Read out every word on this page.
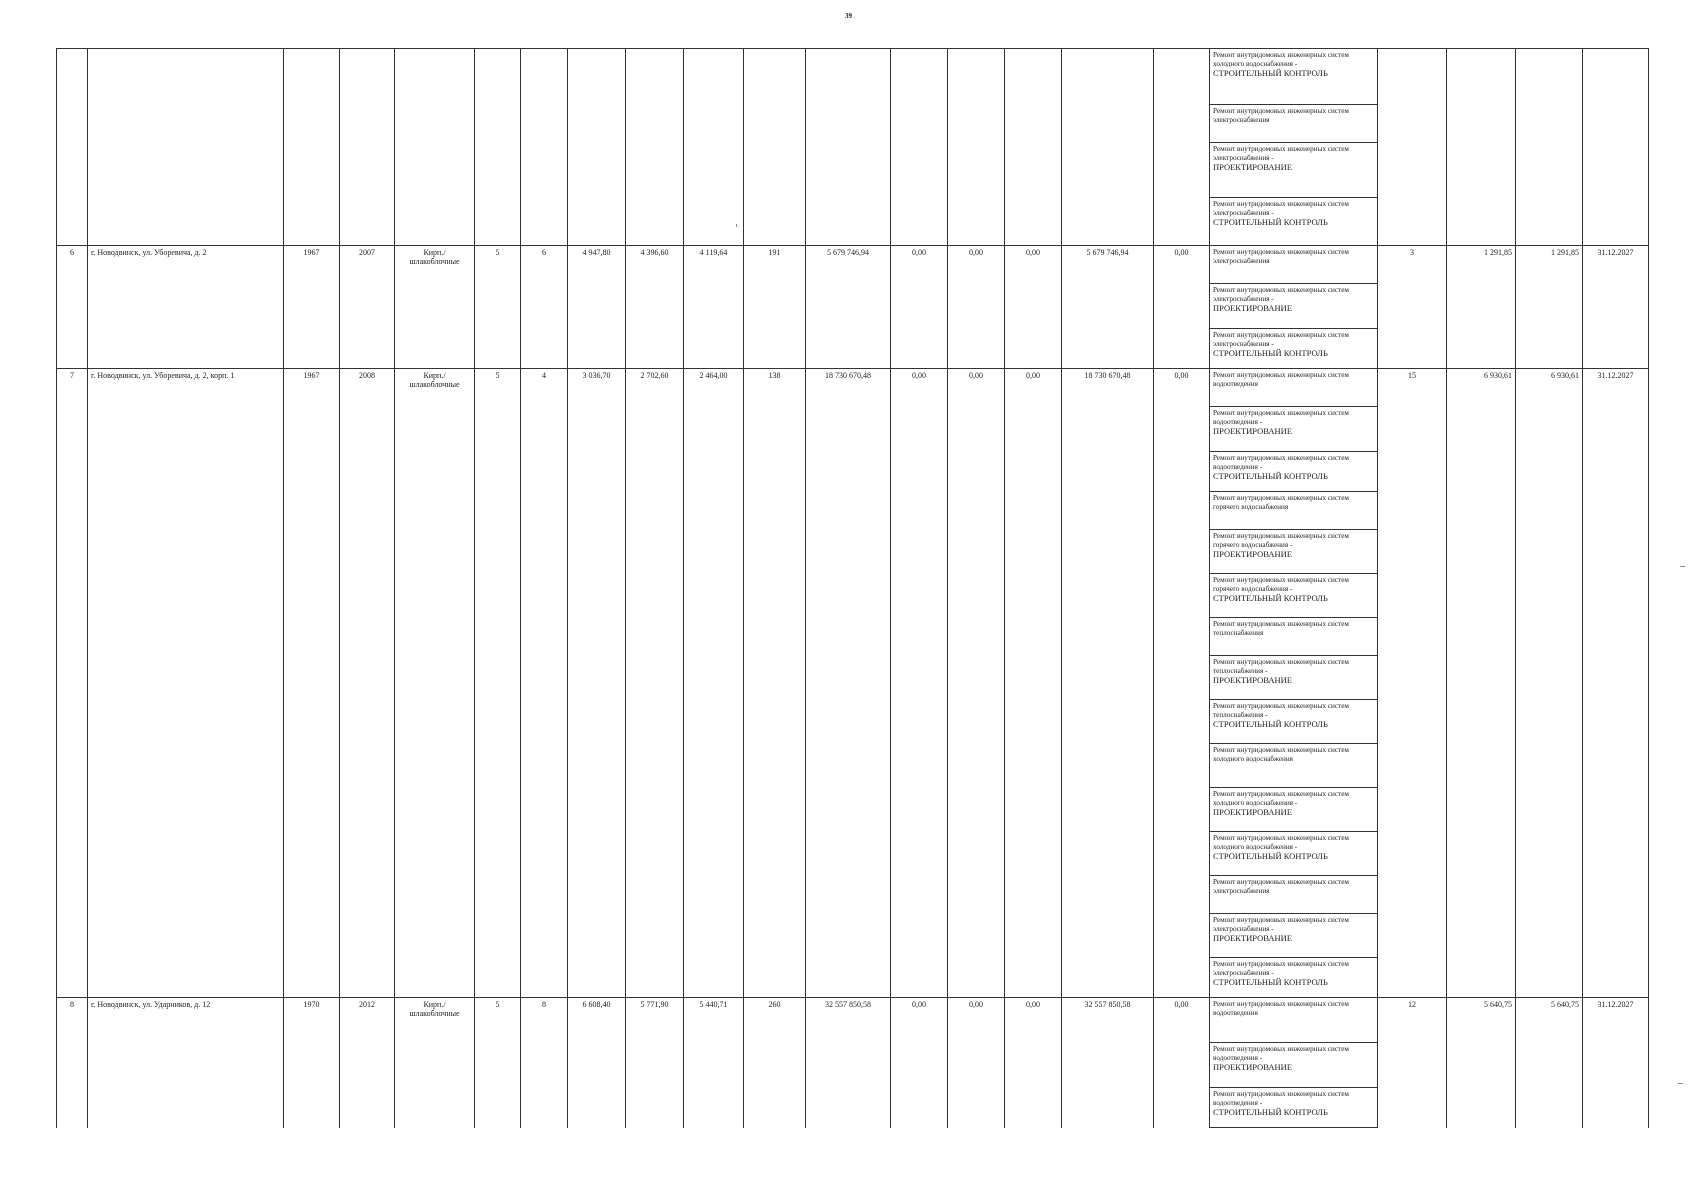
39
																	Ремонт внутридомовых инженерных систем холодного водоснабжения -
СТРОИТЕЛЬНЫЙ КОНТРОЛЬ				
																	Ремонт внутридомовых инженерных систем электроснабжения				
																	Ремонт внутридомовых инженерных систем электроснабжения -
ПРОЕКТИРОВАНИЕ				
																	Ремонт внутридомовых инженерных систем электроснабжения -
СТРОИТЕЛЬНЫЙ КОНТРОЛЬ				
6	г. Новодвинск, ул. Уборевича, д. 2	1967	2007	Кирп./ шлакоблочные	5	6	4 947,80	4 396,60	4 119,64	191	5 679 746,94	0,00	0,00	0,00	5 679 746,94	0,00	Ремонт внутридомовых инженерных систем электроснабжения	3	1 291,85	1 291,85	31.12.2027
																	Ремонт внутридомовых инженерных систем электроснабжения -
ПРОЕКТИРОВАНИЕ				
																	Ремонт внутридомовых инженерных систем электроснабжения -
СТРОИТЕЛЬНЫЙ КОНТРОЛЬ				
7	г. Новодвинск, ул. Уборевича, д. 2, корп. 1	1967	2008	Кирп./ шлакоблочные	5	4	3 036,70	2 702,60	2 464,00	138	18 730 670,48	0,00	0,00	0,00	18 730 670,48	0,00	Ремонт внутридомовых инженерных систем водоотведения	15	6 930,61	6 930,61	31.12.2027
																	Ремонт внутридомовых инженерных систем водоотведения -
ПРОЕКТИРОВАНИЕ				
																	Ремонт внутридомовых инженерных систем водоотведения -
СТРОИТЕЛЬНЫЙ КОНТРОЛЬ				
																	Ремонт внутридомовых инженерных систем горячего водоснабжения				
																	Ремонт внутридомовых инженерных систем горячего водоснабжения -
ПРОЕКТИРОВАНИЕ				
																	Ремонт внутридомовых инженерных систем горячего водоснабжения -
СТРОИТЕЛЬНЫЙ КОНТРОЛЬ				
																	Ремонт внутридомовых инженерных систем теплоснабжения				
																	Ремонт внутридомовых инженерных систем теплоснабжения -
ПРОЕКТИРОВАНИЕ				
																	Ремонт внутридомовых инженерных систем теплоснабжения -
СТРОИТЕЛЬНЫЙ КОНТРОЛЬ				
																	Ремонт внутридомовых инженерных систем холодного водоснабжения				
																	Ремонт внутридомовых инженерных систем холодного водоснабжения -
ПРОЕКТИРОВАНИЕ				
																	Ремонт внутридомовых инженерных систем холодного водоснабжения -
СТРОИТЕЛЬНЫЙ КОНТРОЛЬ				
																	Ремонт внутридомовых инженерных систем электроснабжения				
																	Ремонт внутридомовых инженерных систем электроснабжения -
ПРОЕКТИРОВАНИЕ				
																	Ремонт внутридомовых инженерных систем электроснабжения -
СТРОИТЕЛЬНЫЙ КОНТРОЛЬ				
8	г. Новодвинск, ул. Ударников, д. 12	1970	2012	Кирп./ шлакоблочные	5	8	6 608,40	5 771,90	5 440,71	260	32 557 850,58	0,00	0,00	0,00	32 557 850,58	0,00	Ремонт внутридомовых инженерных систем водоотведения	12	5 640,75	5 640,75	31.12.2027
																	Ремонт внутридомовых инженерных систем водоотведения -
ПРОЕКТИРОВАНИЕ				
																	Ремонт внутридомовых инженерных систем водоотведения -
СТРОИТЕЛЬНЫЙ КОНТРОЛЬ				
